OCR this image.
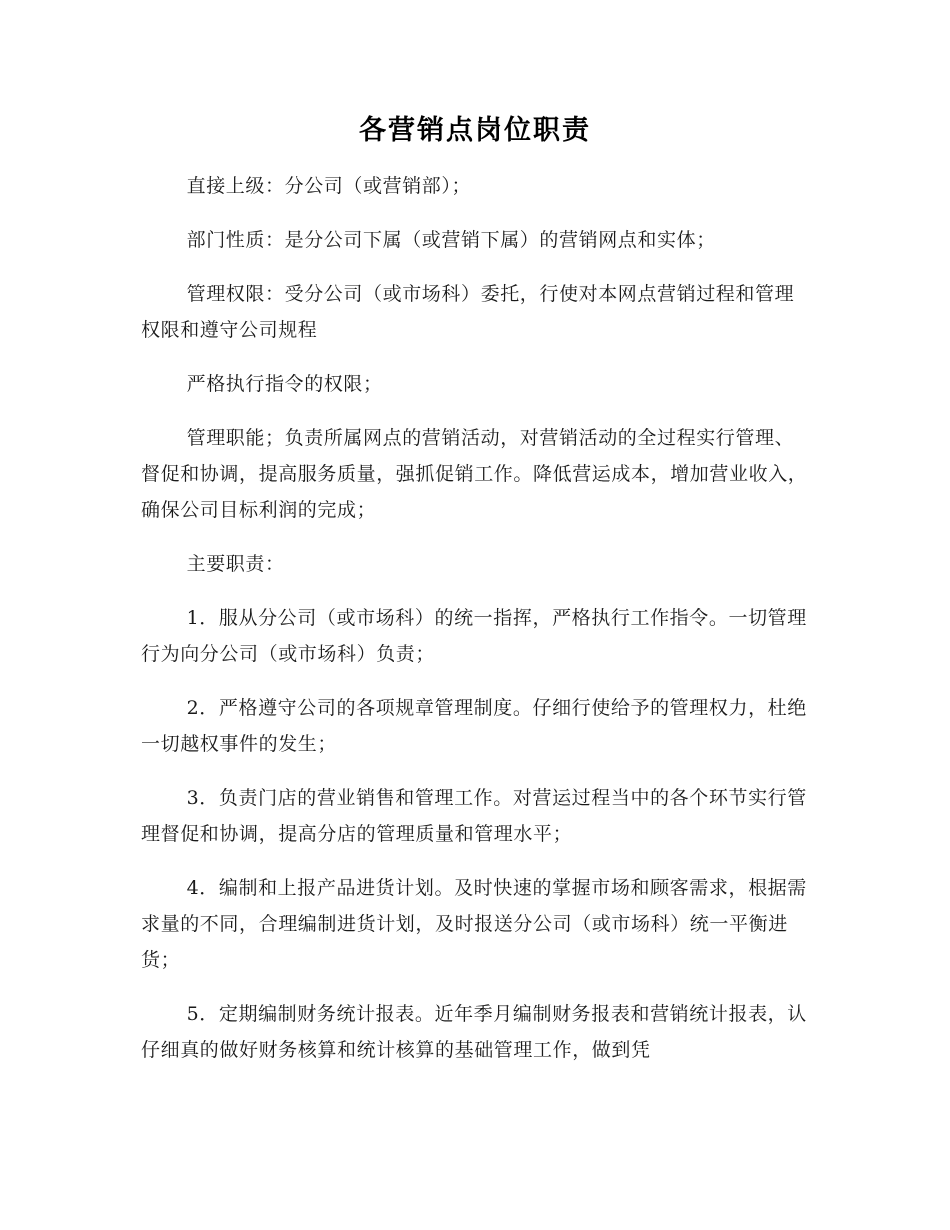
各营销点岗位职责

直接上级：分公司（或营销部）；

部门性质：是分公司下属（或营销下属）的营销网点和实体；

管理权限：受分公司（或市场科）委托，行使对本网点营销过程和管理权限和遵守公司规程

严格执行指令的权限；

管理职能；负责所属网点的营销活动，对营销活动的全过程实行管理、督促和协调，提高服务质量，强抓促销工作。降低营运成本，增加营业收入，确保公司目标利润的完成；

主要职责：

1．服从分公司（或市场科）的统一指挥，严格执行工作指令。一切管理行为向分公司（或市场科）负责；

2．严格遵守公司的各项规章管理制度。仔细行使给予的管理权力，杜绝一切越权事件的发生；

3．负责门店的营业销售和管理工作。对营运过程当中的各个环节实行管理督促和协调，提高分店的管理质量和管理水平；

4．编制和上报产品进货计划。及时快速的掌握市场和顾客需求，根据需求量的不同，合理编制进货计划，及时报送分公司（或市场科）统一平衡进货；

5．定期编制财务统计报表。近年季月编制财务报表和营销统计报表，认仔细真的做好财务核算和统计核算的基础管理工作，做到凭
